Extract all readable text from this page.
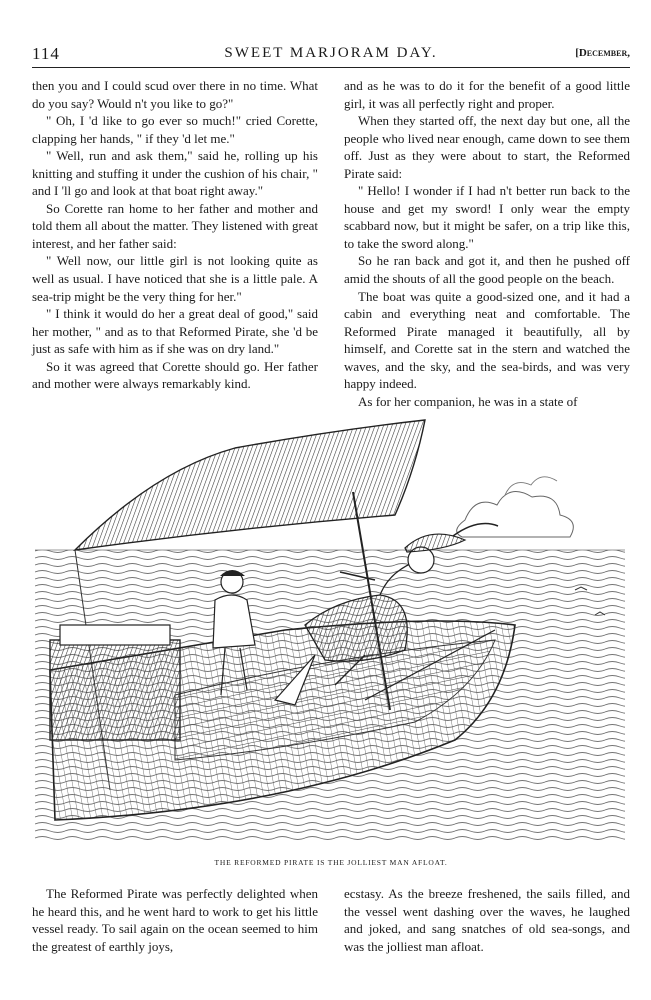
114	SWEET MARJORAM DAY.	[December,

then you and I could scud over there in no time. What do you say? Would n't you like to go?"

" Oh, I 'd like to go ever so much!" cried Corette, clapping her hands, " if they 'd let me."

" Well, run and ask them," said he, rolling up his knitting and stuffing it under the cushion of his chair, " and I 'll go and look at that boat right away."

So Corette ran home to her father and mother and told them all about the matter. They listened with great interest, and her father said:

" Well now, our little girl is not looking quite as well as usual. I have noticed that she is a little pale. A sea-trip might be the very thing for her."

" I think it would do her a great deal of good," said her mother, " and as to that Reformed Pirate, she 'd be just as safe with him as if she was on dry land."

So it was agreed that Corette should go. Her father and mother were always remarkably kind.

and as he was to do it for the benefit of a good little girl, it was all perfectly right and proper.

When they started off, the next day but one, all the people who lived near enough, came down to see them off. Just as they were about to start, the Reformed Pirate said:

" Hello! I wonder if I had n't better run back to the house and get my sword! I only wear the empty scabbard now, but it might be safer, on a trip like this, to take the sword along."

So he ran back and got it, and then he pushed off amid the shouts of all the good people on the beach.

The boat was quite a good-sized one, and it had a cabin and everything neat and comfortable. The Reformed Pirate managed it beautifully, all by himself, and Corette sat in the stern and watched the waves, and the sky, and the sea-birds, and was very happy indeed.

As for her companion, he was in a state of

THE REFORMED PIRATE IS THE JOLLIEST MAN AFLOAT.

The Reformed Pirate was perfectly delighted when he heard this, and he went hard to work to get his little vessel ready. To sail again on the ocean seemed to him the greatest of earthly joys,

ecstasy. As the breeze freshened, the sails filled, and the vessel went dashing over the waves, he laughed and joked, and sang snatches of old sea-songs, and was the jolliest man afloat.
